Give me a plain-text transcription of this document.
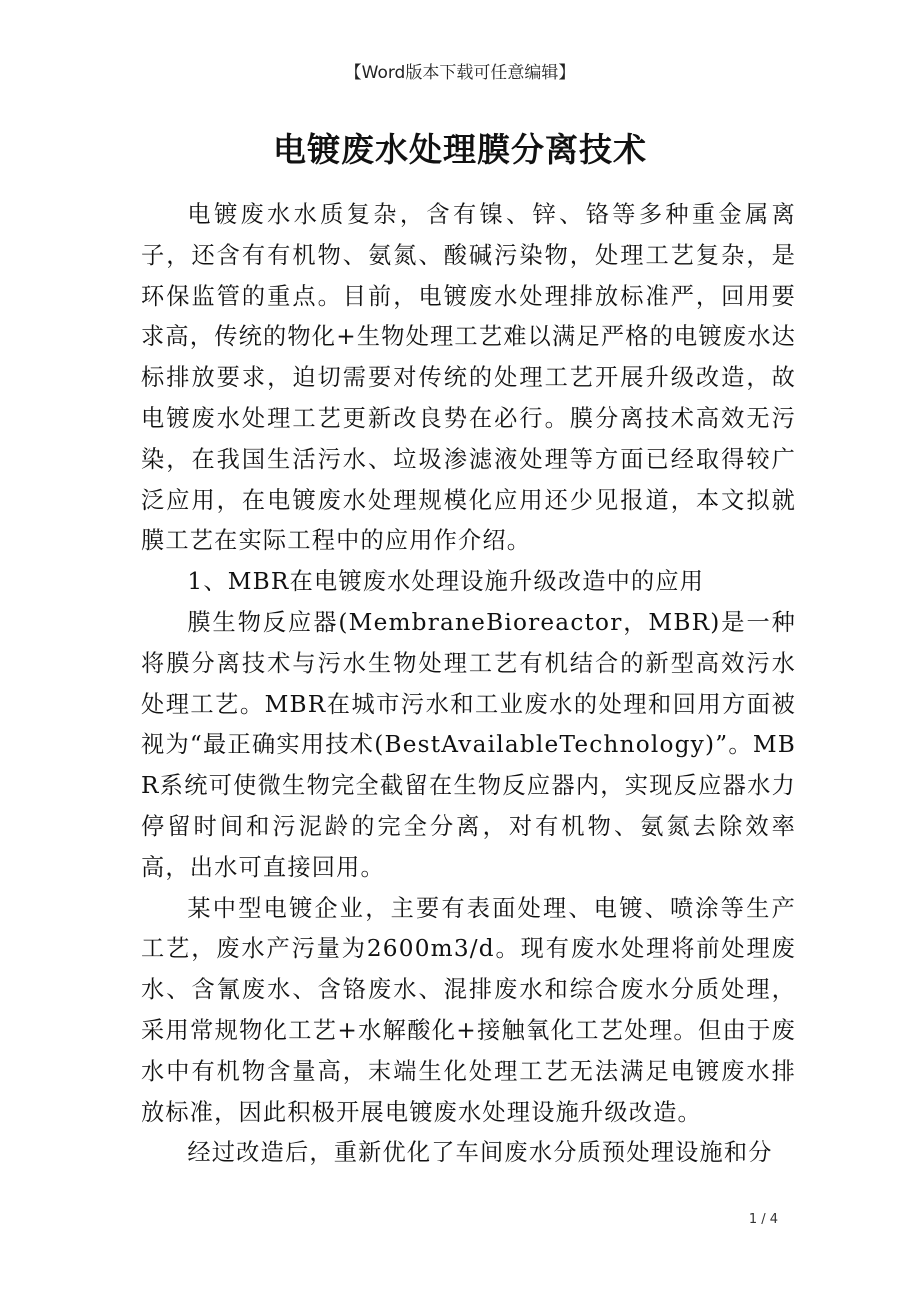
【Word版本下载可任意编辑】
电镀废水处理膜分离技术

电镀废水水质复杂，含有镍、锌、铬等多种重金属离子，还含有有机物、氨氮、酸碱污染物，处理工艺复杂，是环保监管的重点。目前，电镀废水处理排放标准严，回用要求高，传统的物化+生物处理工艺难以满足严格的电镀废水达标排放要求，迫切需要对传统的处理工艺开展升级改造，故电镀废水处理工艺更新改良势在必行。膜分离技术高效无污染，在我国生活污水、垃圾渗滤液处理等方面已经取得较广泛应用，在电镀废水处理规模化应用还少见报道，本文拟就膜工艺在实际工程中的应用作介绍。

1、MBR在电镀废水处理设施升级改造中的应用

膜生物反应器(MembraneBioreactor，MBR)是一种将膜分离技术与污水生物处理工艺有机结合的新型高效污水处理工艺。MBR在城市污水和工业废水的处理和回用方面被视为“最正确实用技术(BestAvailableTechnology)”。MBR系统可使微生物完全截留在生物反应器内，实现反应器水力停留时间和污泥龄的完全分离，对有机物、氨氮去除效率高，出水可直接回用。

某中型电镀企业，主要有表面处理、电镀、喷涂等生产工艺，废水产污量为2600m3/d。现有废水处理将前处理废水、含氰废水、含铬废水、混排废水和综合废水分质处理，采用常规物化工艺+水解酸化+接触氧化工艺处理。但由于废水中有机物含量高，末端生化处理工艺无法满足电镀废水排放标准，因此积极开展电镀废水处理设施升级改造。

经过改造后，重新优化了车间废水分质预处理设施和分

1 / 4
